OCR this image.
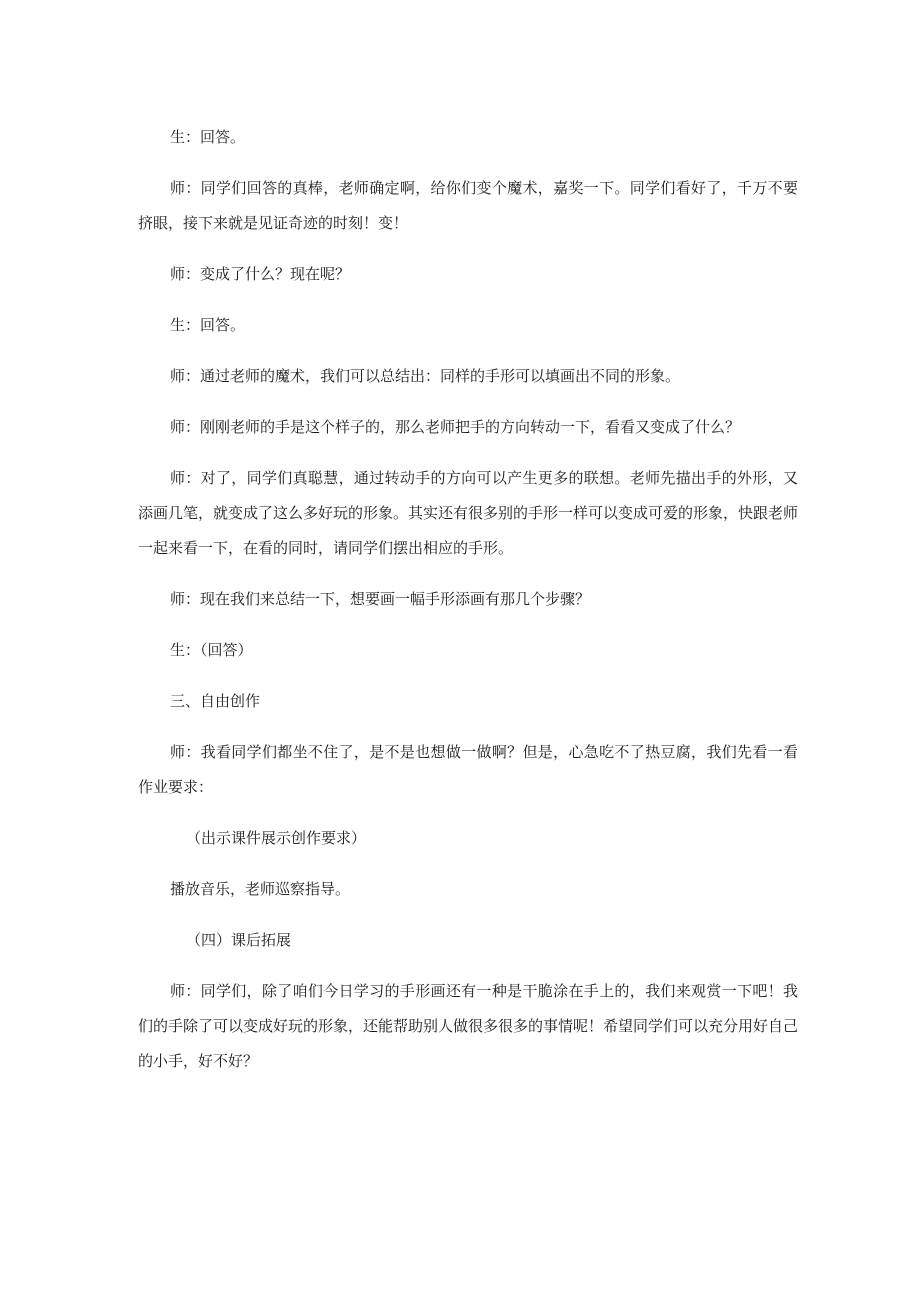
生：回答。

师：同学们回答的真棒，老师确定啊，给你们变个魔术，嘉奖一下。同学们看好了，千万不要挤眼，接下来就是见证奇迹的时刻！变！

师：变成了什么？现在呢？

生：回答。

师：通过老师的魔术，我们可以总结出：同样的手形可以填画出不同的形象。

师：刚刚老师的手是这个样子的，那么老师把手的方向转动一下，看看又变成了什么？

师：对了，同学们真聪慧，通过转动手的方向可以产生更多的联想。老师先描出手的外形，又添画几笔，就变成了这么多好玩的形象。其实还有很多别的手形一样可以变成可爱的形象，快跟老师一起来看一下，在看的同时，请同学们摆出相应的手形。

师：现在我们来总结一下，想要画一幅手形添画有那几个步骤？

生：（回答）

三、自由创作

师：我看同学们都坐不住了，是不是也想做一做啊？但是，心急吃不了热豆腐，我们先看一看作业要求：

（出示课件展示创作要求）

播放音乐，老师巡察指导。

（四）课后拓展

师：同学们，除了咱们今日学习的手形画还有一种是干脆涂在手上的，我们来观赏一下吧！我们的手除了可以变成好玩的形象，还能帮助别人做很多很多的事情呢！希望同学们可以充分用好自己的小手，好不好？
